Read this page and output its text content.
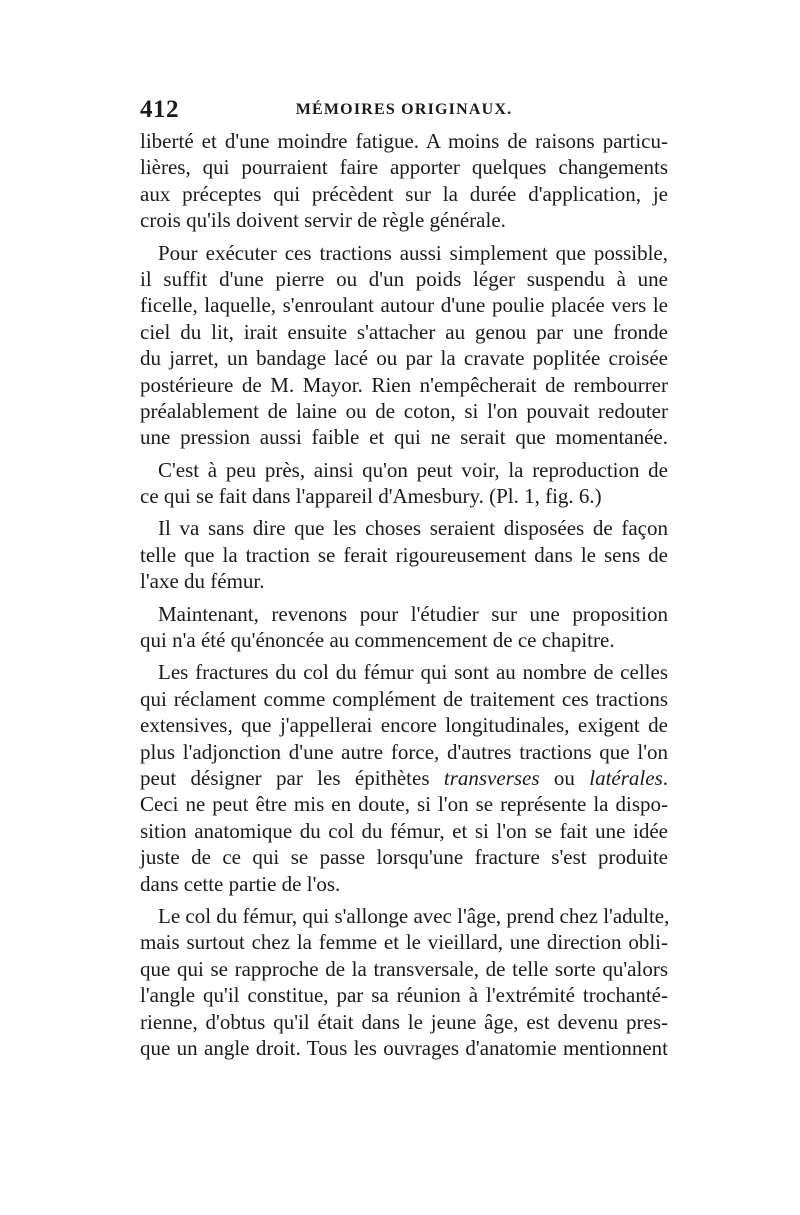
412	MÉMOIRES ORIGINAUX.
liberté et d'une moindre fatigue. A moins de raisons particu-
lières, qui pourraient faire apporter quelques changements
aux préceptes qui précèdent sur la durée d'application, je
crois qu'ils doivent servir de règle générale.
Pour exécuter ces tractions aussi simplement que possible,
il suffit d'une pierre ou d'un poids léger suspendu à une
ficelle, laquelle, s'enroulant autour d'une poulie placée vers le
ciel du lit, irait ensuite s'attacher au genou par une fronde
du jarret, un bandage lacé ou par la cravate poplitée croisée
postérieure de M. Mayor. Rien n'empêcherait de rembourrer
préalablement de laine ou de coton, si l'on pouvait redouter
une pression aussi faible et qui ne serait que momentanée.
C'est à peu près, ainsi qu'on peut voir, la reproduction de
ce qui se fait dans l'appareil d'Amesbury. (Pl. 1, fig. 6.)
Il va sans dire que les choses seraient disposées de façon
telle que la traction se ferait rigoureusement dans le sens de
l'axe du fémur.
Maintenant, revenons pour l'étudier sur une proposition
qui n'a été qu'énoncée au commencement de ce chapitre.
Les fractures du col du fémur qui sont au nombre de celles
qui réclament comme complément de traitement ces tractions
extensives, que j'appellerai encore longitudinales, exigent de
plus l'adjonction d'une autre force, d'autres tractions que l'on
peut désigner par les épithètes transverses ou latérales.
Ceci ne peut être mis en doute, si l'on se représente la dispo-
sition anatomique du col du fémur, et si l'on se fait une idée
juste de ce qui se passe lorsqu'une fracture s'est produite
dans cette partie de l'os.
Le col du fémur, qui s'allonge avec l'âge, prend chez l'adulte,
mais surtout chez la femme et le vieillard, une direction obli-
que qui se rapproche de la transversale, de telle sorte qu'alors
l'angle qu'il constitue, par sa réunion à l'extrémité trochanté-
rienne, d'obtus qu'il était dans le jeune âge, est devenu pres-
que un angle droit. Tous les ouvrages d'anatomie mentionnent
